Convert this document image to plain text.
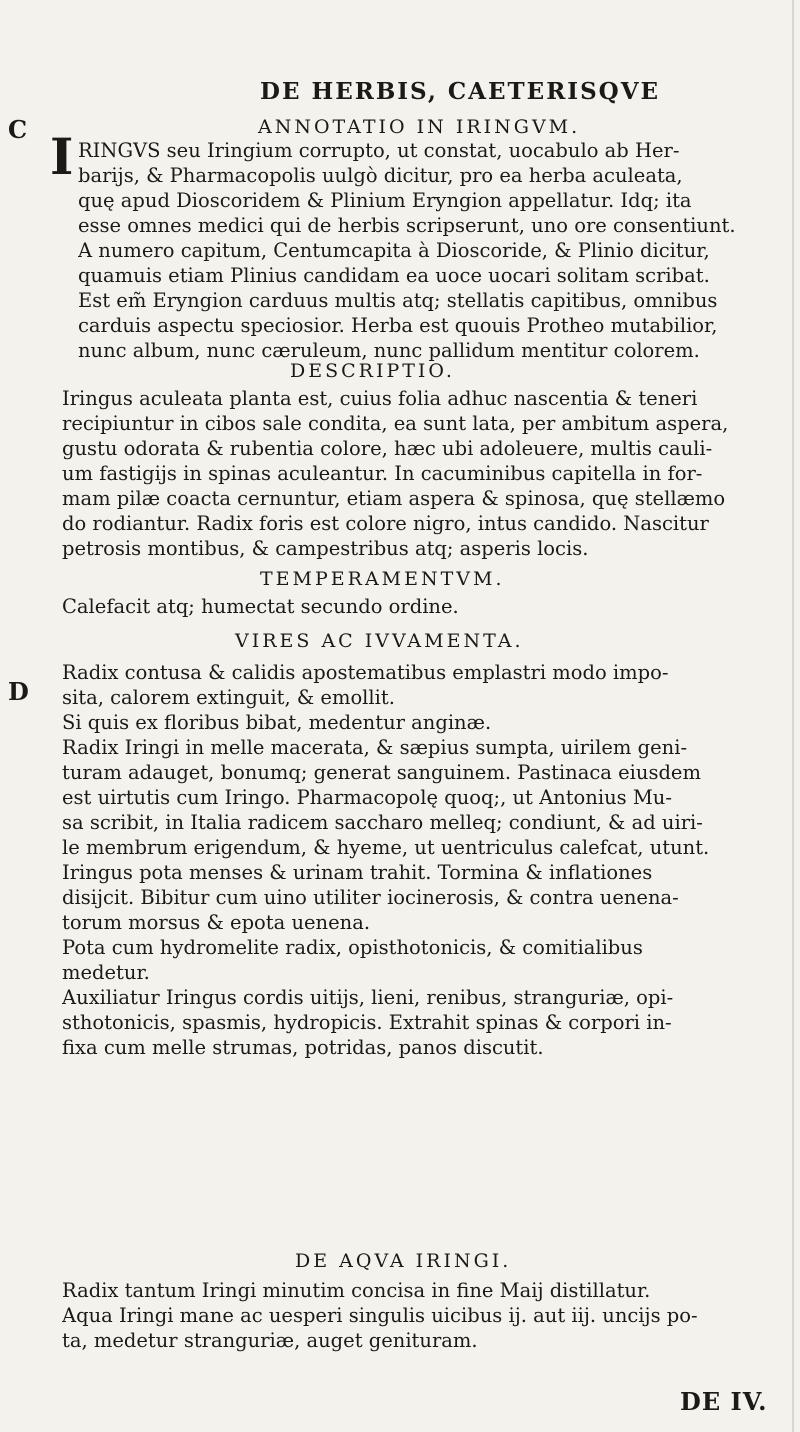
C
D
DE HERBIS, CAETERISQVE
ANNOTATIO IN IRINGVM.
I RINGVS seu Iringium corrupto, ut constat, uocabulo ab Her-
barijs, & Pharmacopolis uulgò dicitur, pro ea herba aculeata,
quę apud Dioscoridem & Plinium Eryngion appellatur. Idq; ita
esse omnes medici qui de herbis scripserunt, uno ore consentiunt.
A numero capitum, Centumcapita à Dioscoride, & Plinio dicitur,
quamuis etiam Plinius candidam ea uoce uocari solitam scribat.
Est em̃ Eryngion carduus multis atq; stellatis capitibus, omnibus
carduis aspectu speciosior. Herba est quouis Protheo mutabilior,
nunc album, nunc cæruleum, nunc pallidum mentitur colorem.
DESCRIPTIO.
Iringus aculeata planta est, cuius folia adhuc nascentia & teneri
recipiuntur in cibos sale condita, ea sunt lata, per ambitum aspera,
gustu odorata & rubentia colore, hæc ubi adoleuere, multis cauli-
um fastigijs in spinas aculeantur. In cacuminibus capitella in for-
mam pilæ coacta cernuntur, etiam aspera & spinosa, quę stellæmo
do rodiantur. Radix foris est colore nigro, intus candido. Nascitur
petrosis montibus, & campestribus atq; asperis locis.
TEMPERAMENTVM.
Calefacit atq; humectat secundo ordine.
VIRES AC IVVAMENTA.
Radix contusa & calidis apostematibus emplastri modo impo-
sita, calorem extinguit, & emollit.
Si quis ex floribus bibat, medentur anginæ.
Radix Iringi in melle macerata, & sæpius sumpta, uirilem geni-
turam adauget, bonumq; generat sanguinem. Pastinaca eiusdem
est uirtutis cum Iringo. Pharmacopolę quoq;, ut Antonius Mu-
sa scribit, in Italia radicem saccharo melleq; condiunt, & ad uiri-
le membrum erigendum, & hyeme, ut uentriculus calefcat, utunt.
Iringus pota menses & urinam trahit. Tormina & inflationes
disijcit. Bibitur cum uino utiliter iocinerosis, & contra uenena-
torum morsus & epota uenena.
Pota cum hydromelite radix, opisthotonicis, & comitialibus
medetur.
Auxiliatur Iringus cordis uitijs, lieni, renibus, stranguriæ, opi-
sthotonicis, spasmis, hydropicis. Extrahit spinas & corpori in-
fixa cum melle strumas, potridas, panos discutit.
DE AQVA IRINGI.
Radix tantum Iringi minutim concisa in fine Maij distillatur.
Aqua Iringi mane ac uesperi singulis uicibus ij. aut iij. uncijs po-
ta, medetur stranguriæ, auget genituram.
DE IV.
